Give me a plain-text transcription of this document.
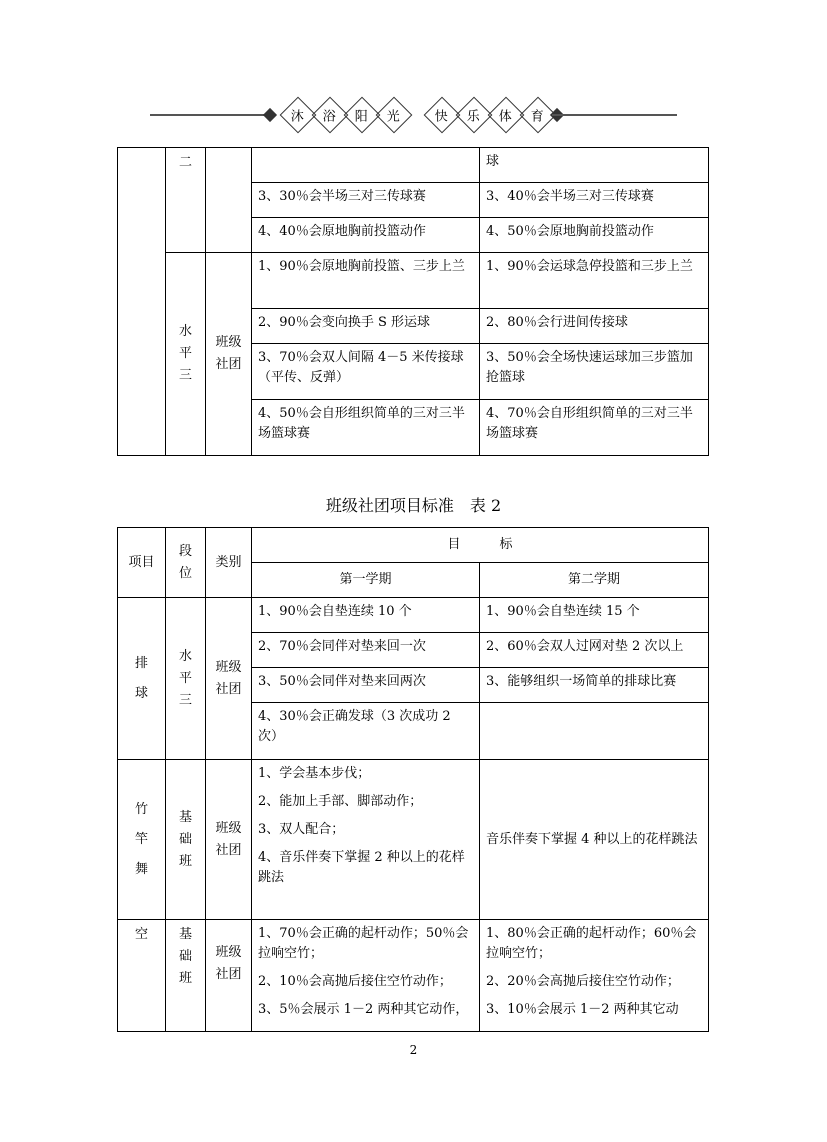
沐 浴 阳 光	快 乐 体 育
	二			球
			3、30％会半场三对三传球赛	3、40％会半场三对三传球赛
			4、40％会原地胸前投篮动作	4、50％会原地胸前投篮动作
	水平三	班级社团	1、90％会原地胸前投篮、三步上兰	1、90％会运球急停投篮和三步上兰
			2、90％会变向换手 S 形运球	2、80％会行进间传接球
			3、70％会双人间隔 4－5 米传接球（平传、反弹）	3、50％会全场快速运球加三步篮加抢篮球
			4、50％会自形组织简单的三对三半场篮球赛	4、70％会自形组织简单的三对三半场篮球赛
班级社团项目标准　表 2
项目	段位	类别	目　　　标	
			第一学期	第二学期
排球	水平三	班级社团	1、90％会自垫连续 10 个	1、90％会自垫连续 15 个
			2、70％会同伴对垫来回一次	2、60％会双人过网对垫 2 次以上
			3、50％会同伴对垫来回两次	3、能够组织一场简单的排球比赛
			4、30％会正确发球（3 次成功 2 次）	
竹竿舞	基础班	班级社团	1、学会基本步伐；
2、能加上手部、脚部动作；
3、双人配合；
4、音乐伴奏下掌握 2 种以上的花样跳法	音乐伴奏下掌握 4 种以上的花样跳法
空	基础班	班级社团	1、70％会正确的起杆动作；50％会拉响空竹；
2、10％会高抛后接住空竹动作；
3、5％会展示 1－2 两种其它动作，	1、80％会正确的起杆动作；60％会拉响空竹；
2、20％会高抛后接住空竹动作；
3、10％会展示 1－2 两种其它动
2
